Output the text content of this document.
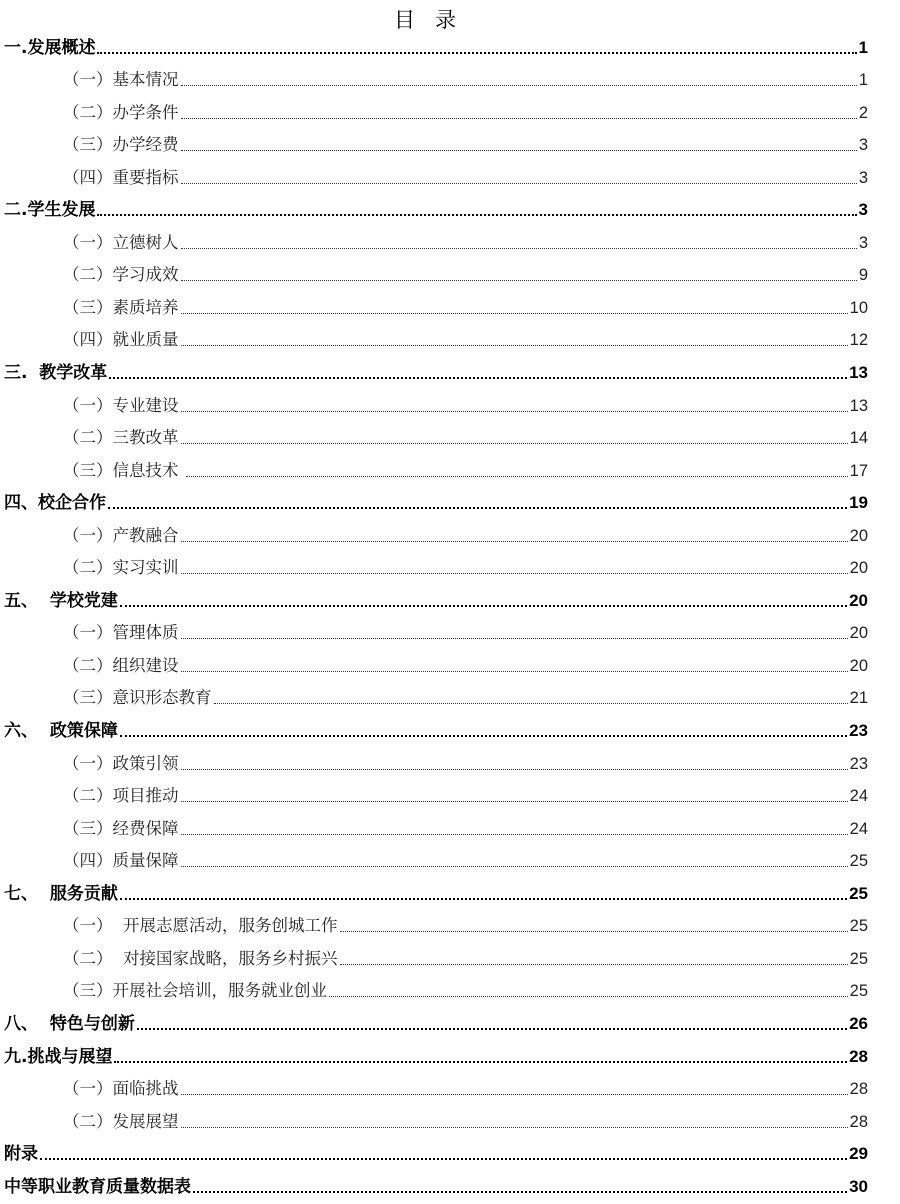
目录
一.发展概述	1
（一）基本情况	1
（二）办学条件	2
（三）办学经费	3
（四）重要指标	3
二.学生发展	3
（一）立德树人	3
（二）学习成效	9
（三）素质培养	10
（四）就业质量	12
三.  教学改革	13
（一）专业建设	13
（二）三教改革	14
（三）信息技术	17
四、校企合作	19
（一）产教融合	20
（二）实习实训	20
五、  学校党建	20
（一）管理体质	20
（二）组织建设	20
（三）意识形态教育	21
六、  政策保障	23
（一）政策引领	23
（二）项目推动	24
（三）经费保障	24
（四）质量保障	25
七、  服务贡献	25
（一）  开展志愿活动，服务创城工作	25
（二）  对接国家战略，服务乡村振兴	25
（三）开展社会培训，服务就业创业	25
八、  特色与创新	26
九.挑战与展望	28
（一）面临挑战	28
（二）发展展望	28
附录	29
中等职业教育质量数据表	30
